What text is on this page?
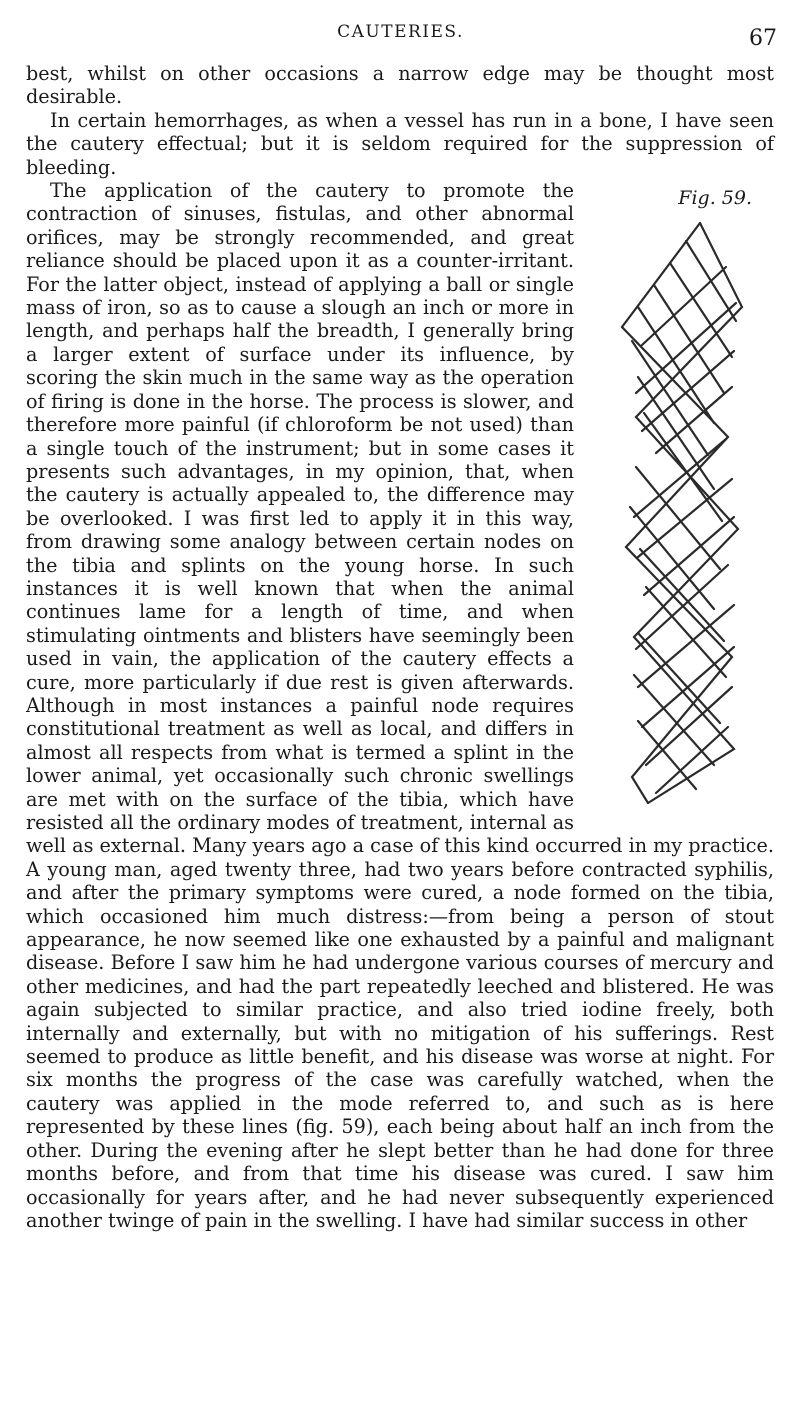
CAUTERIES.	67

best, whilst on other occasions a narrow edge may be thought most desirable.

In certain hemorrhages, as when a vessel has run in a bone, I have seen the cautery effectual; but it is seldom required for the suppression of bleeding.

Fig. 59.

The application of the cautery to promote the contraction of sinuses, fistulas, and other abnormal orifices, may be strongly recommended, and great reliance should be placed upon it as a counter-irritant. For the latter object, instead of applying a ball or single mass of iron, so as to cause a slough an inch or more in length, and perhaps half the breadth, I generally bring a larger extent of surface under its influence, by scoring the skin much in the same way as the operation of firing is done in the horse. The process is slower, and therefore more painful (if chloroform be not used) than a single touch of the instrument; but in some cases it presents such advantages, in my opinion, that, when the cautery is actually appealed to, the difference may be overlooked. I was first led to apply it in this way, from drawing some analogy between certain nodes on the tibia and splints on the young horse. In such instances it is well known that when the animal continues lame for a length of time, and when stimulating ointments and blisters have seemingly been used in vain, the application of the cautery effects a cure, more particularly if due rest is given afterwards. Although in most instances a painful node requires constitutional treatment as well as local, and differs in almost all respects from what is termed a splint in the lower animal, yet occasionally such chronic swellings are met with on the surface of the tibia, which have resisted all the ordinary modes of treatment, internal as well as external. Many years ago a case of this kind occurred in my practice. A young man, aged twenty three, had two years before contracted syphilis, and after the primary symptoms were cured, a node formed on the tibia, which occasioned him much distress:—from being a person of stout appearance, he now seemed like one exhausted by a painful and malignant disease. Before I saw him he had undergone various courses of mercury and other medicines, and had the part repeatedly leeched and blistered. He was again subjected to similar practice, and also tried iodine freely, both internally and externally, but with no mitigation of his sufferings. Rest seemed to produce as little benefit, and his disease was worse at night. For six months the progress of the case was carefully watched, when the cautery was applied in the mode referred to, and such as is here represented by these lines (fig. 59), each being about half an inch from the other. During the evening after he slept better than he had done for three months before, and from that time his disease was cured. I saw him occasionally for years after, and he had never subsequently experienced another twinge of pain in the swelling. I have had similar success in other
